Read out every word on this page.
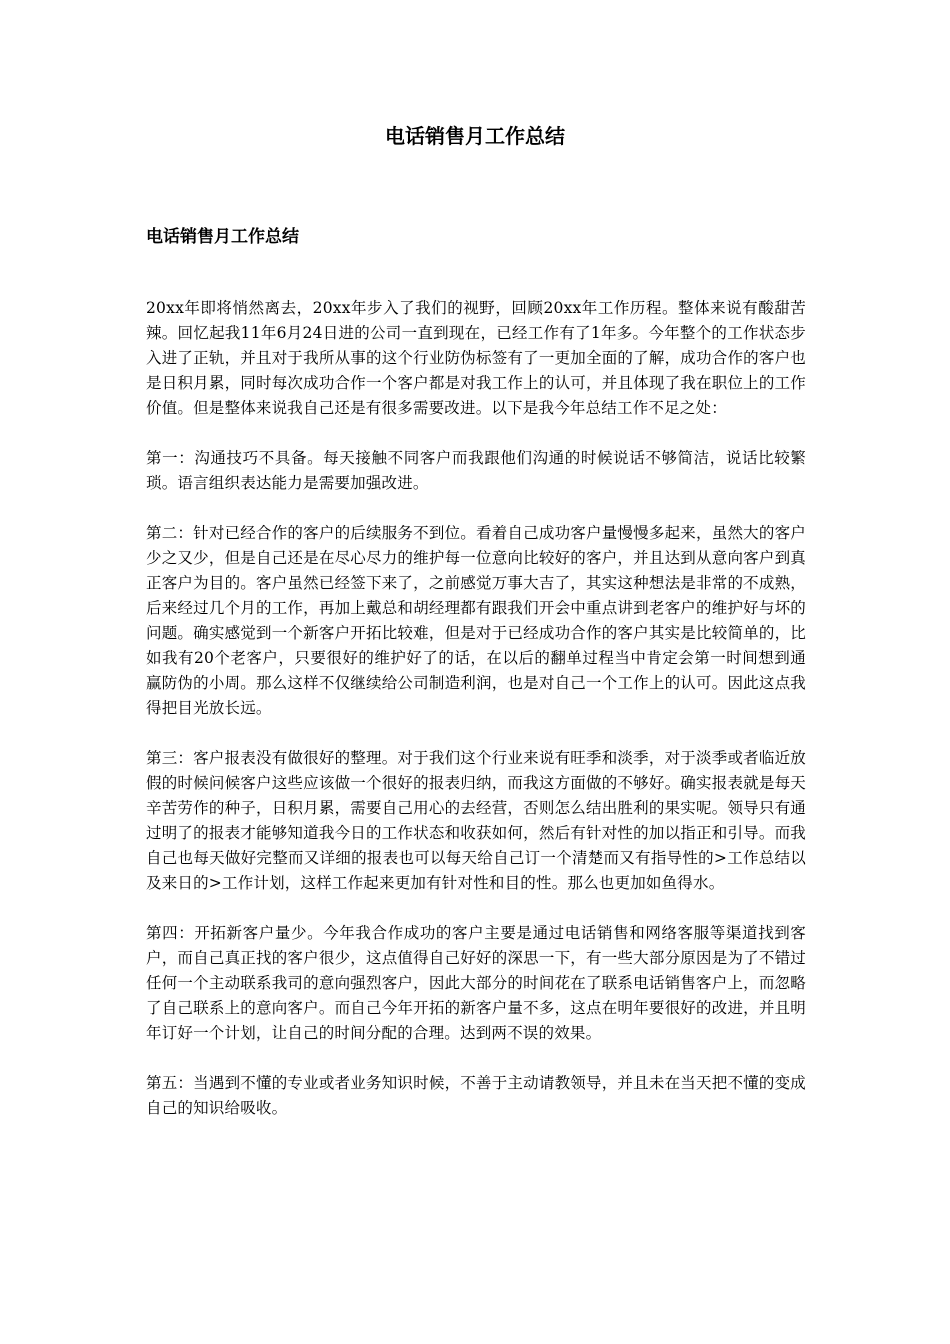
电话销售月工作总结
电话销售月工作总结

20xx年即将悄然离去，20xx年步入了我们的视野，回顾20xx年工作历程。整体来说有酸甜苦辣。回忆起我11年6月24日进的公司一直到现在，已经工作有了1年多。今年整个的工作状态步入进了正轨，并且对于我所从事的这个行业防伪标签有了一更加全面的了解，成功合作的客户也是日积月累，同时每次成功合作一个客户都是对我工作上的认可，并且体现了我在职位上的工作价值。但是整体来说我自己还是有很多需要改进。以下是我今年总结工作不足之处：

第一：沟通技巧不具备。每天接触不同客户而我跟他们沟通的时候说话不够简洁，说话比较繁琐。语言组织表达能力是需要加强改进。

第二：针对已经合作的客户的后续服务不到位。看着自己成功客户量慢慢多起来，虽然大的客户少之又少，但是自己还是在尽心尽力的维护每一位意向比较好的客户，并且达到从意向客户到真正客户为目的。客户虽然已经签下来了，之前感觉万事大吉了，其实这种想法是非常的不成熟，后来经过几个月的工作，再加上戴总和胡经理都有跟我们开会中重点讲到老客户的维护好与坏的问题。确实感觉到一个新客户开拓比较难，但是对于已经成功合作的客户其实是比较简单的，比如我有20个老客户，只要很好的维护好了的话，在以后的翻单过程当中肯定会第一时间想到通赢防伪的小周。那么这样不仅继续给公司制造利润，也是对自己一个工作上的认可。因此这点我得把目光放长远。

第三：客户报表没有做很好的整理。对于我们这个行业来说有旺季和淡季，对于淡季或者临近放假的时候问候客户这些应该做一个很好的报表归纳，而我这方面做的不够好。确实报表就是每天辛苦劳作的种子，日积月累，需要自己用心的去经营，否则怎么结出胜利的果实呢。领导只有通过明了的报表才能够知道我今日的工作状态和收获如何，然后有针对性的加以指正和引导。而我自己也每天做好完整而又详细的报表也可以每天给自己订一个清楚而又有指导性的>工作总结以及来日的>工作计划，这样工作起来更加有针对性和目的性。那么也更加如鱼得水。

第四：开拓新客户量少。今年我合作成功的客户主要是通过电话销售和网络客服等渠道找到客户，而自己真正找的客户很少，这点值得自己好好的深思一下，有一些大部分原因是为了不错过任何一个主动联系我司的意向强烈客户，因此大部分的时间花在了联系电话销售客户上，而忽略了自己联系上的意向客户。而自己今年开拓的新客户量不多，这点在明年要很好的改进，并且明年订好一个计划，让自己的时间分配的合理。达到两不误的效果。

第五：当遇到不懂的专业或者业务知识时候，不善于主动请教领导，并且未在当天把不懂的变成自己的知识给吸收。
